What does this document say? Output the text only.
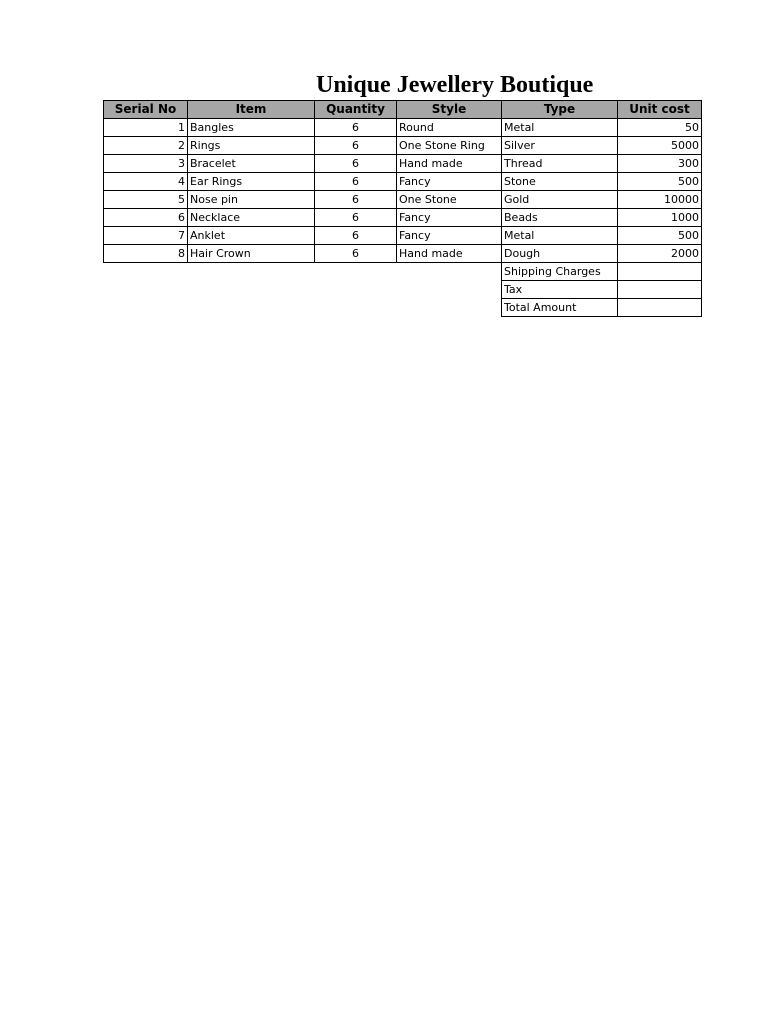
Unique Jewellery Boutique
Serial No	Item	Quantity	Style	Type	Unit cost
1	Bangles	6	Round	Metal	50
2	Rings	6	One Stone Ring	Silver	5000
3	Bracelet	6	Hand made	Thread	300
4	Ear Rings	6	Fancy	Stone	500
5	Nose pin	6	One Stone	Gold	10000
6	Necklace	6	Fancy	Beads	1000
7	Anklet	6	Fancy	Metal	500
8	Hair Crown	6	Hand made	Dough	2000
				Shipping Charges	
				Tax	
				Total Amount	
